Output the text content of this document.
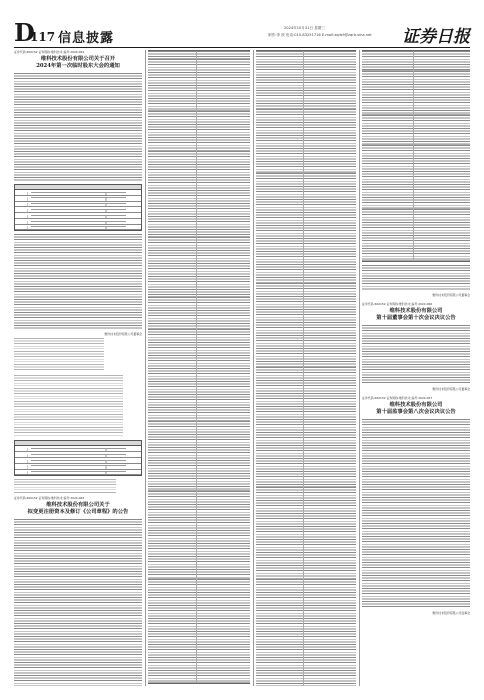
D
117 信息披露
2024年10月31日 星期三
制作:李 波 电话:010-83251716 E-mail:zqrb9@zqrb.sina.net 证券日报
证券代码:600152 证券简称:维科技术 编号:2024-064
维科技术股份有限公司关于召开
2024年第一次临时股东大会的通知
维科技术股份有限公司董事会
证券代码:600152 证券简称:维科技术 编号:2024-065
维科技术股份有限公司关于
拟变更注册资本及修订《公司章程》的公告
维科技术股份有限公司董事会
证券代码:600152 证券简称:维科技术 编号:2024-066
维科技术股份有限公司
第十届董事会第十次会议决议公告
维科技术股份有限公司董事会
证券代码:600152 证券简称:维科技术 编号:2024-067
维科技术股份有限公司
第十届监事会第八次会议决议公告
维科技术股份有限公司监事会
